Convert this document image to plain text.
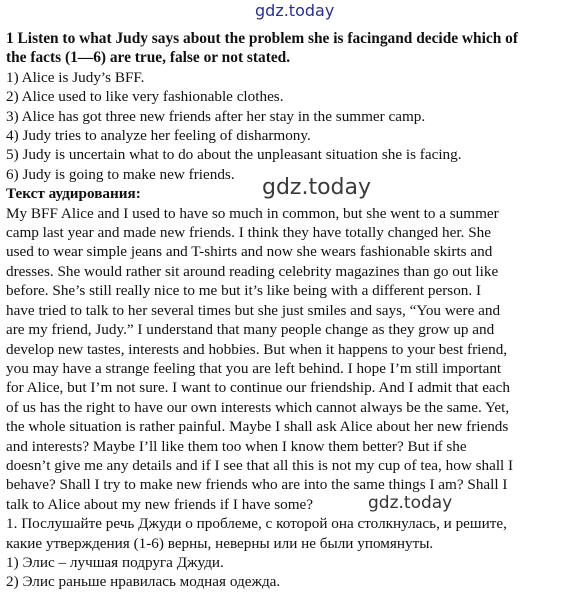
gdz.today
1 Listen to what Judy says about the problem she is facingand decide which of
the facts (1—6) are true, false or not stated.
1) Alice is Judy’s BFF.
2) Alice used to like very fashionable clothes.
3) Alice has got three new friends after her stay in the summer camp.
4) Judy tries to analyze her feeling of disharmony.
5) Judy is uncertain what to do about the unpleasant situation she is facing.
6) Judy is going to make new friends.
Текст аудирования:
My BFF Alice and I used to have so much in common, but she went to a summer
camp last year and made new friends. I think they have totally changed her. She
used to wear simple jeans and T-shirts and now she wears fashionable skirts and
dresses. She would rather sit around reading celebrity magazines than go out like
before. She’s still really nice to me but it’s like being with a different person. I
have tried to talk to her several times but she just smiles and says, “You were and
are my friend, Judy.” I understand that many people change as they grow up and
develop new tastes, interests and hobbies. But when it happens to your best friend,
you may have a strange feeling that you are left behind. I hope I’m still important
for Alice, but I’m not sure. I want to continue our friendship. And I admit that each
of us has the right to have our own interests which cannot always be the same. Yet,
the whole situation is rather painful. Maybe I shall ask Alice about her new friends
and interests? Maybe I’ll like them too when I know them better? But if she
doesn’t give me any details and if I see that all this is not my cup of tea, how shall I
behave? Shall I try to make new friends who are into the same things I am? Shall I
talk to Alice about my new friends if I have some?
1. Послушайте речь Джуди о проблеме, с которой она столкнулась, и решите,
какие утверждения (1-6) верны, неверны или не были упомянуты.
1) Элис – лучшая подруга Джуди.
2) Элис раньше нравилась модная одежда.
gdz.today
gdz.today
